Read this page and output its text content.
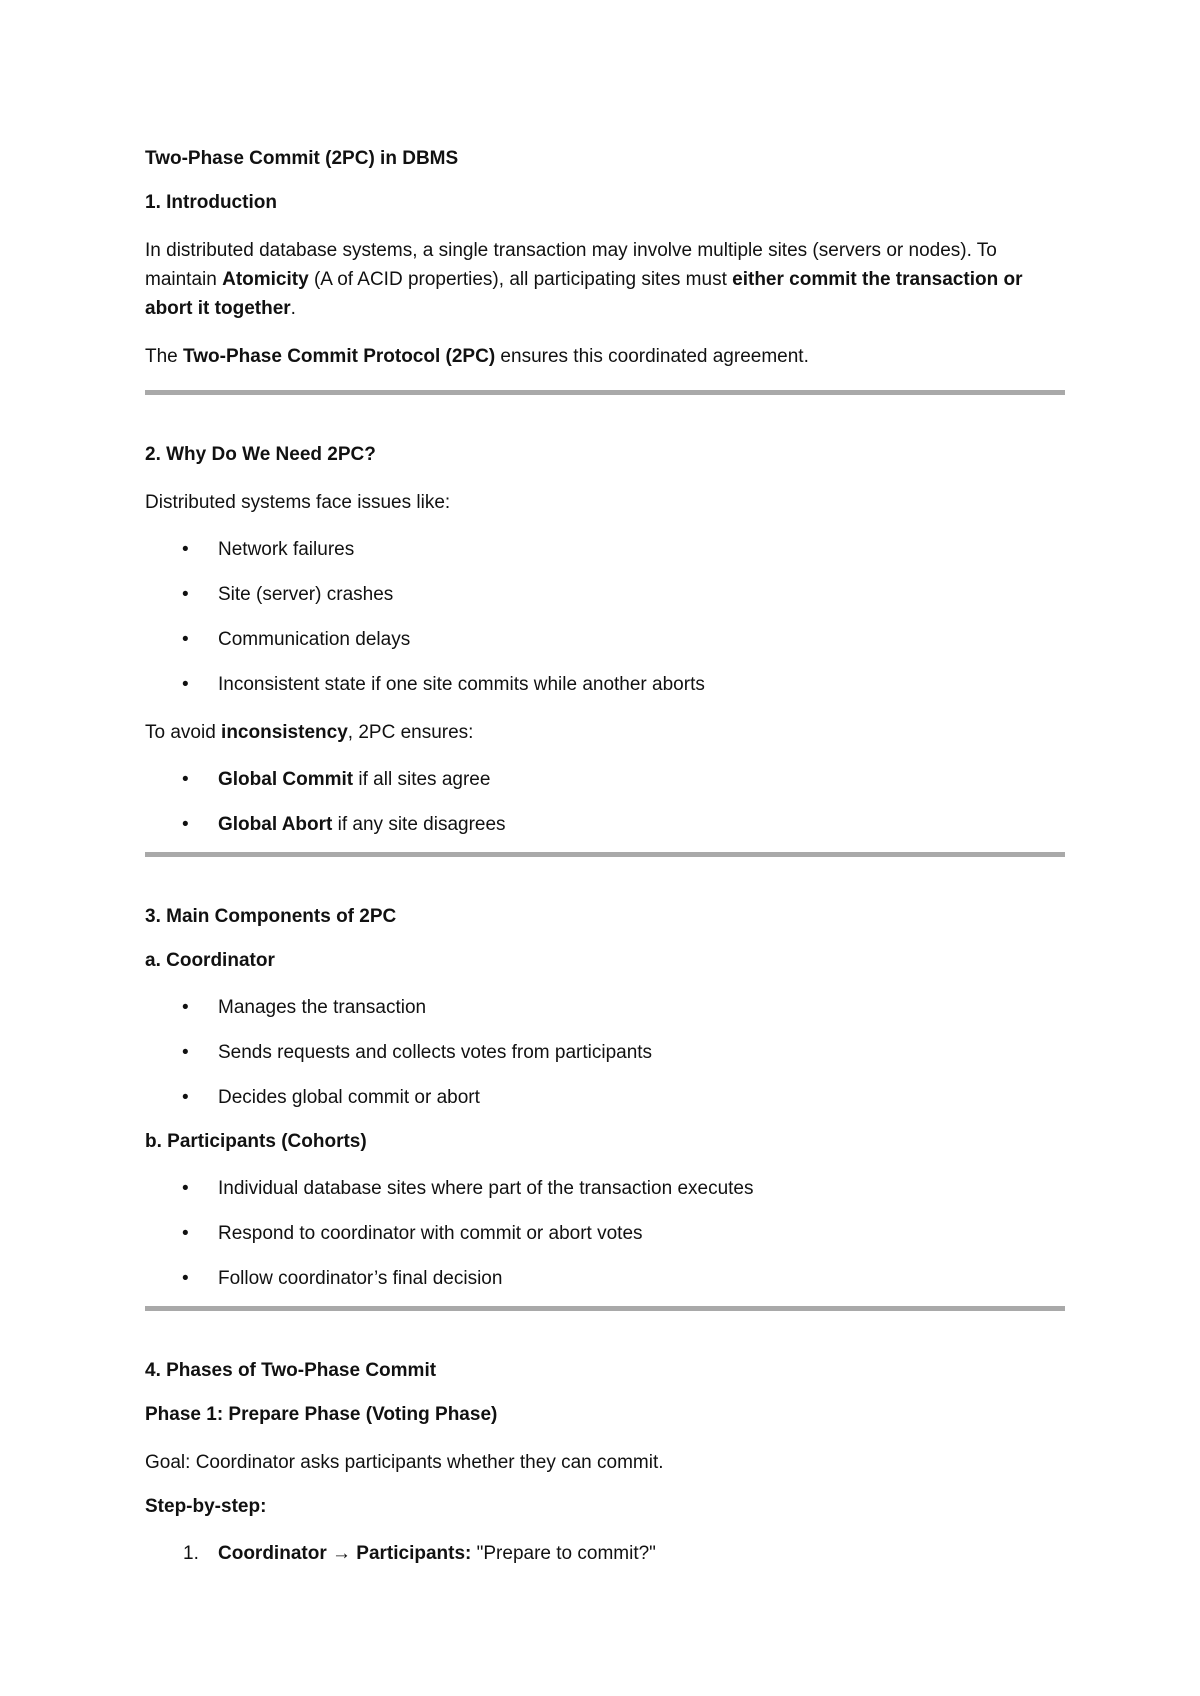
Two-Phase Commit (2PC) in DBMS
1. Introduction

In distributed database systems, a single transaction may involve multiple sites (servers or nodes). To maintain Atomicity (A of ACID properties), all participating sites must either commit the transaction or abort it together.

The Two-Phase Commit Protocol (2PC) ensures this coordinated agreement.

2. Why Do We Need 2PC?

Distributed systems face issues like:

• Network failures
• Site (server) crashes
• Communication delays
• Inconsistent state if one site commits while another aborts

To avoid inconsistency, 2PC ensures:

• Global Commit if all sites agree
• Global Abort if any site disagrees
3. Main Components of 2PC
a. Coordinator
• Manages the transaction
• Sends requests and collects votes from participants
• Decides global commit or abort
b. Participants (Cohorts)
• Individual database sites where part of the transaction executes
• Respond to coordinator with commit or abort votes
• Follow coordinator’s final decision
4. Phases of Two-Phase Commit
Phase 1: Prepare Phase (Voting Phase)

Goal: Coordinator asks participants whether they can commit.

Step-by-step:
1. Coordinator → Participants: "Prepare to commit?"
